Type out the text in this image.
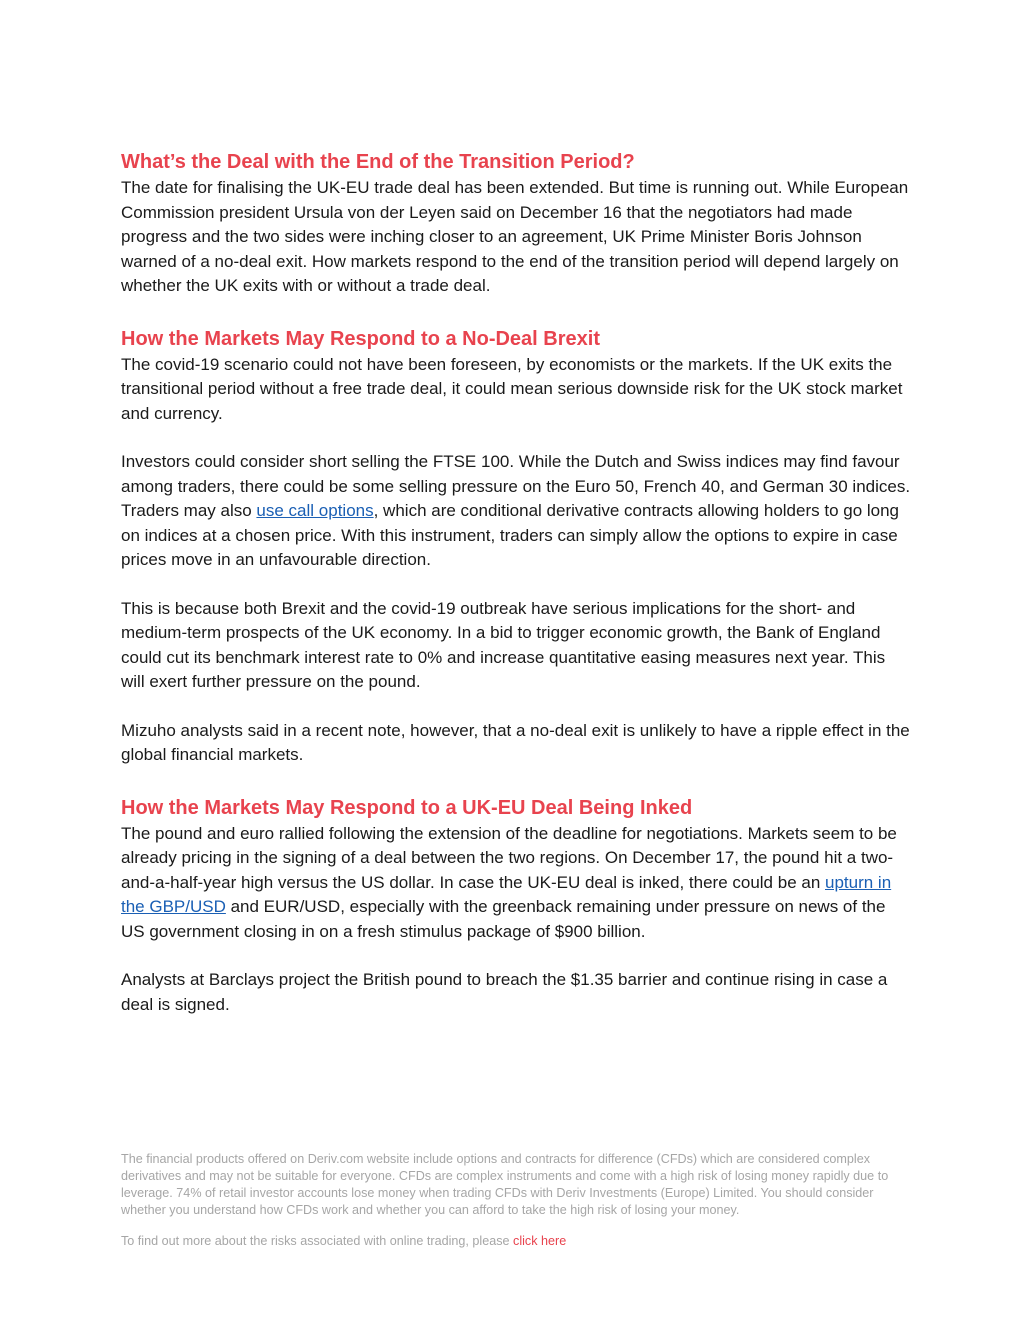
What’s the Deal with the End of the Transition Period?

The date for finalising the UK-EU trade deal has been extended. But time is running out. While European Commission president Ursula von der Leyen said on December 16 that the negotiators had made progress and the two sides were inching closer to an agreement, UK Prime Minister Boris Johnson warned of a no-deal exit. How markets respond to the end of the transition period will depend largely on whether the UK exits with or without a trade deal.

How the Markets May Respond to a No-Deal Brexit

The covid-19 scenario could not have been foreseen, by economists or the markets. If the UK exits the transitional period without a free trade deal, it could mean serious downside risk for the UK stock market and currency.

Investors could consider short selling the FTSE 100. While the Dutch and Swiss indices may find favour among traders, there could be some selling pressure on the Euro 50, French 40, and German 30 indices. Traders may also use call options, which are conditional derivative contracts allowing holders to go long on indices at a chosen price. With this instrument, traders can simply allow the options to expire in case prices move in an unfavourable direction.

This is because both Brexit and the covid-19 outbreak have serious implications for the short- and medium-term prospects of the UK economy. In a bid to trigger economic growth, the Bank of England could cut its benchmark interest rate to 0% and increase quantitative easing measures next year. This will exert further pressure on the pound.

Mizuho analysts said in a recent note, however, that a no-deal exit is unlikely to have a ripple effect in the global financial markets.

How the Markets May Respond to a UK-EU Deal Being Inked

The pound and euro rallied following the extension of the deadline for negotiations. Markets seem to be already pricing in the signing of a deal between the two regions. On December 17, the pound hit a two-and-a-half-year high versus the US dollar. In case the UK-EU deal is inked, there could be an upturn in the GBP/USD and EUR/USD, especially with the greenback remaining under pressure on news of the US government closing in on a fresh stimulus package of $900 billion.

Analysts at Barclays project the British pound to breach the $1.35 barrier and continue rising in case a deal is signed.

The financial products offered on Deriv.com website include options and contracts for difference (CFDs) which are considered complex derivatives and may not be suitable for everyone. CFDs are complex instruments and come with a high risk of losing money rapidly due to leverage. 74% of retail investor accounts lose money when trading CFDs with Deriv Investments (Europe) Limited. You should consider whether you understand how CFDs work and whether you can afford to take the high risk of losing your money.

To find out more about the risks associated with online trading, please click here
